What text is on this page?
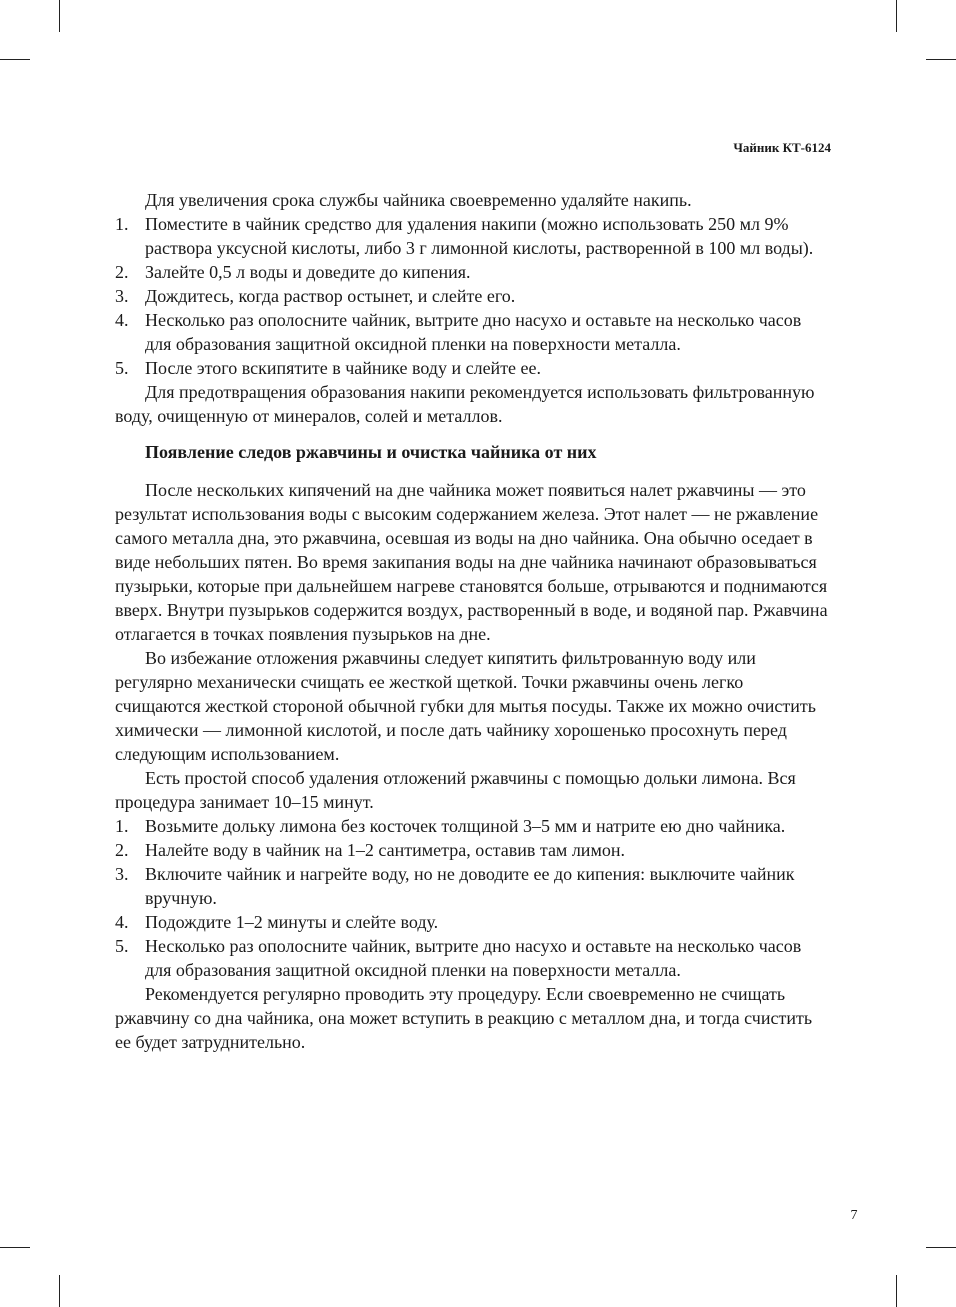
Чайник КТ-6124

Для увеличения срока службы чайника своевременно удаляйте накипь.

1. Поместите в чайник средство для удаления накипи (можно использовать 250 мл 9% раствора уксусной кислоты, либо 3 г лимонной кислоты, растворенной в 100 мл воды).
2. Залейте 0,5 л воды и доведите до кипения.
3. Дождитесь, когда раствор остынет, и слейте его.
4. Несколько раз ополосните чайник, вытрите дно насухо и оставьте на несколько часов для образования защитной оксидной пленки на поверхности металла.
5. После этого вскипятите в чайнике воду и слейте ее.

Для предотвращения образования накипи рекомендуется использовать фильтрованную воду, очищенную от минералов, солей и металлов.

Появление следов ржавчины и очистка чайника от них

После нескольких кипячений на дне чайника может появиться налет ржавчины — это результат использования воды с высоким содержанием железа. Этот налет — не ржавление самого металла дна, это ржавчина, осевшая из воды на дно чайника. Она обычно оседает в виде небольших пятен. Во время закипания воды на дне чайника начинают образовываться пузырьки, которые при дальнейшем нагреве становятся больше, отрываются и поднимаются вверх. Внутри пузырьков содержится воздух, растворенный в воде, и водяной пар. Ржавчина отлагается в точках появления пузырьков на дне.

Во избежание отложения ржавчины следует кипятить фильтрованную воду или регулярно механически счищать ее жесткой щеткой. Точки ржавчины очень легко счищаются жесткой стороной обычной губки для мытья посуды. Также их можно очистить химически — лимонной кислотой, и после дать чайнику хорошенько просохнуть перед следующим использованием.

Есть простой способ удаления отложений ржавчины с помощью дольки лимона. Вся процедура занимает 10–15 минут.

1. Возьмите дольку лимона без косточек толщиной 3–5 мм и натрите ею дно чайника.
2. Налейте воду в чайник на 1–2 сантиметра, оставив там лимон.
3. Включите чайник и нагрейте воду, но не доводите ее до кипения: выключите чайник вручную.
4. Подождите 1–2 минуты и слейте воду.
5. Несколько раз ополосните чайник, вытрите дно насухо и оставьте на несколько часов для образования защитной оксидной пленки на поверхности металла.

Рекомендуется регулярно проводить эту процедуру. Если своевременно не счищать ржавчину со дна чайника, она может вступить в реакцию с металлом дна, и тогда счистить ее будет затруднительно.

7
